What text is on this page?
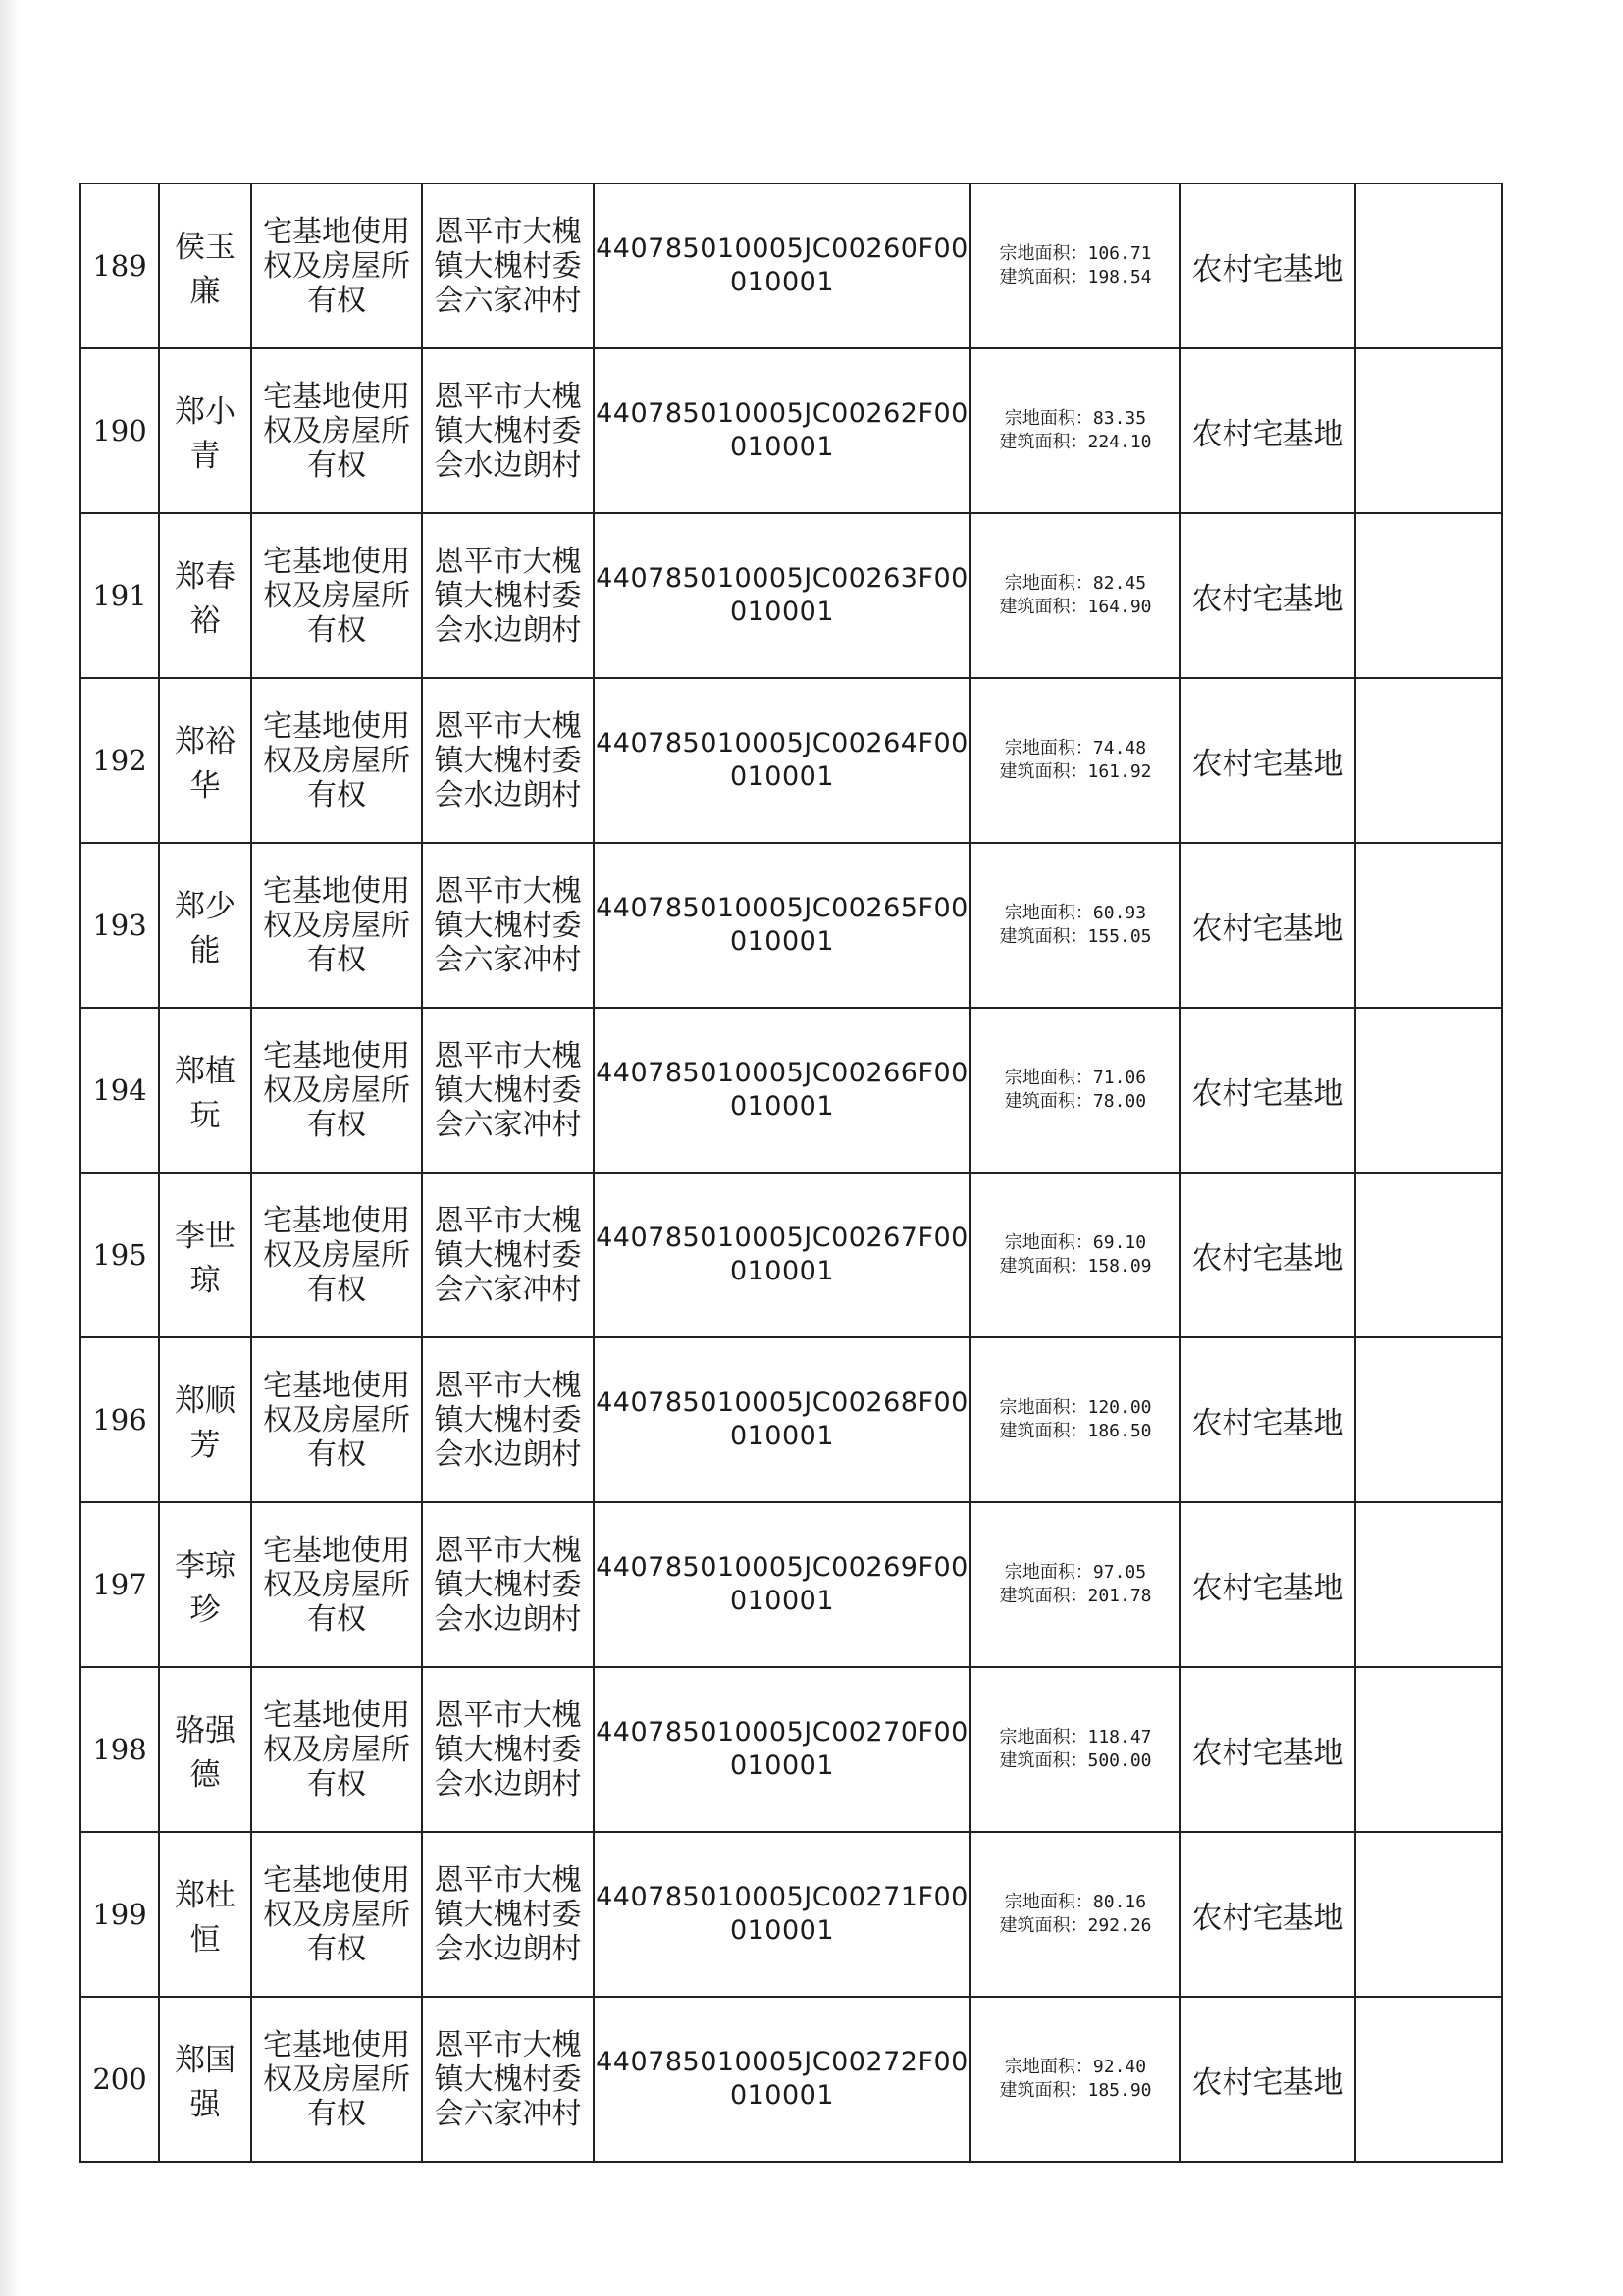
189	侯玉廉	宅基地使用
权及房屋所
有权	恩平市大槐
镇大槐村委
会六家冲村	440785010005JC00260F00
010001	宗地面积：106.71
建筑面积：198.54	农村宅基地	
190	郑小青	宅基地使用
权及房屋所
有权	恩平市大槐
镇大槐村委
会水边朗村	440785010005JC00262F00
010001	宗地面积：83.35
建筑面积：224.10	农村宅基地	
191	郑春裕	宅基地使用
权及房屋所
有权	恩平市大槐
镇大槐村委
会水边朗村	440785010005JC00263F00
010001	宗地面积：82.45
建筑面积：164.90	农村宅基地	
192	郑裕华	宅基地使用
权及房屋所
有权	恩平市大槐
镇大槐村委
会水边朗村	440785010005JC00264F00
010001	宗地面积：74.48
建筑面积：161.92	农村宅基地	
193	郑少能	宅基地使用
权及房屋所
有权	恩平市大槐
镇大槐村委
会六家冲村	440785010005JC00265F00
010001	宗地面积：60.93
建筑面积：155.05	农村宅基地	
194	郑植玩	宅基地使用
权及房屋所
有权	恩平市大槐
镇大槐村委
会六家冲村	440785010005JC00266F00
010001	宗地面积：71.06
建筑面积：78.00	农村宅基地	
195	李世琼	宅基地使用
权及房屋所
有权	恩平市大槐
镇大槐村委
会六家冲村	440785010005JC00267F00
010001	宗地面积：69.10
建筑面积：158.09	农村宅基地	
196	郑顺芳	宅基地使用
权及房屋所
有权	恩平市大槐
镇大槐村委
会水边朗村	440785010005JC00268F00
010001	宗地面积：120.00
建筑面积：186.50	农村宅基地	
197	李琼珍	宅基地使用
权及房屋所
有权	恩平市大槐
镇大槐村委
会水边朗村	440785010005JC00269F00
010001	宗地面积：97.05
建筑面积：201.78	农村宅基地	
198	骆强德	宅基地使用
权及房屋所
有权	恩平市大槐
镇大槐村委
会水边朗村	440785010005JC00270F00
010001	宗地面积：118.47
建筑面积：500.00	农村宅基地	
199	郑杜恒	宅基地使用
权及房屋所
有权	恩平市大槐
镇大槐村委
会水边朗村	440785010005JC00271F00
010001	宗地面积：80.16
建筑面积：292.26	农村宅基地	
200	郑国强	宅基地使用
权及房屋所
有权	恩平市大槐
镇大槐村委
会六家冲村	440785010005JC00272F00
010001	宗地面积：92.40
建筑面积：185.90	农村宅基地	
